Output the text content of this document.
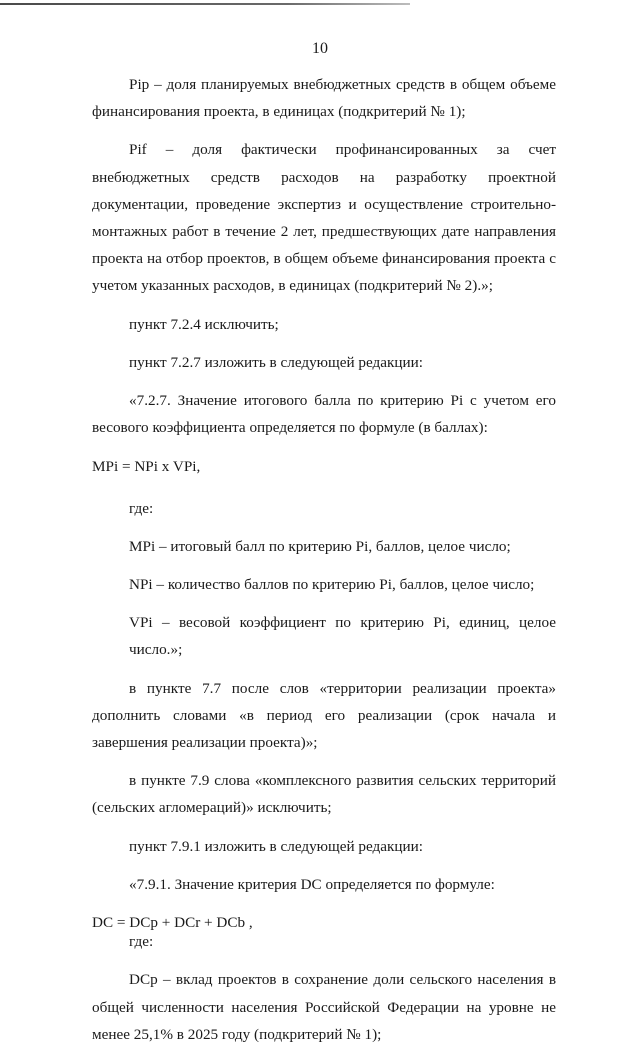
10

Pip – доля планируемых внебюджетных средств в общем объеме финансирования проекта, в единицах (подкритерий № 1);

Pif – доля фактически профинансированных за счет внебюджетных средств расходов на разработку проектной документации, проведение экспертиз и осуществление строительно-монтажных работ в течение 2 лет, предшествующих дате направления проекта на отбор проектов, в общем объеме финансирования проекта с учетом указанных расходов, в единицах (подкритерий № 2).»;

пункт 7.2.4 исключить;

пункт 7.2.7 изложить в следующей редакции:

«7.2.7. Значение итогового балла по критерию Pi с учетом его весового коэффициента определяется по формуле (в баллах):

MPi = NPi x VPi,

где:

MPi – итоговый балл по критерию Pi, баллов, целое число;

NPi – количество баллов по критерию Pi, баллов, целое число;

VPi – весовой коэффициент по критерию Pi, единиц, целое число.»;

в пункте 7.7 после слов «территории реализации проекта» дополнить словами «в период его реализации (срок начала и завершения реализации проекта)»;

в пункте 7.9 слова «комплексного развития сельских территорий (сельских агломераций)» исключить;

пункт 7.9.1 изложить в следующей редакции:

«7.9.1. Значение критерия DC определяется по формуле:

DC = DCp + DCr + DCb ,

где:

DCp – вклад проектов в сохранение доли сельского населения в общей численности населения Российской Федерации на уровне не менее 25,1% в 2025 году (подкритерий № 1);
